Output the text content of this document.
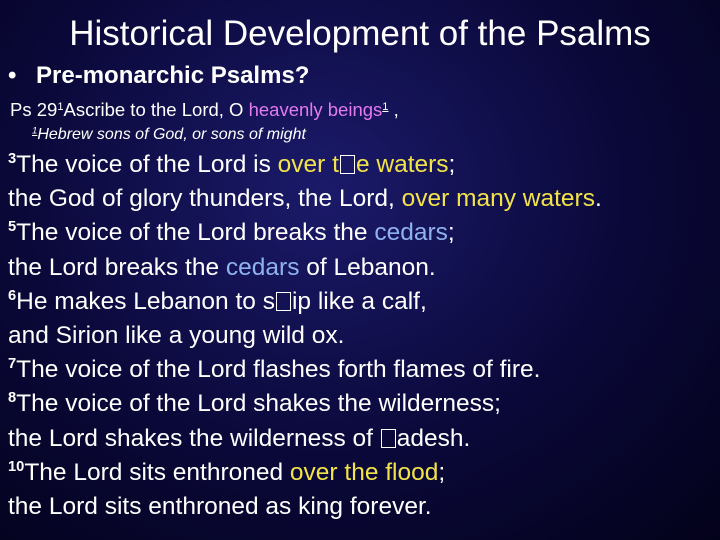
Historical Development of the Psalms
• Pre-monarchic Psalms?
Ps $29^1Ascribe$ to the Lord, O heavenly beings$^1$ ,
$^1$Hebrew sons of God, or sons of might
$^3$The voice of the Lord is over t e waters;
the God of glory thunders, the Lord, over many waters.
$^5$The voice of the Lord breaks the cedars;
the Lord breaks the cedars of Lebanon.
$^6$He makes Lebanon to s ip like a calf,
and Sirion like a young wild ox.
$^7$The voice of the Lord flashes forth flames of fire.
$^8$The voice of the Lord shakes the wilderness;
the Lord shakes the wilderness of adesh.
$^{10}$The Lord sits enthroned over the flood;
the Lord sits enthroned as king forever.
